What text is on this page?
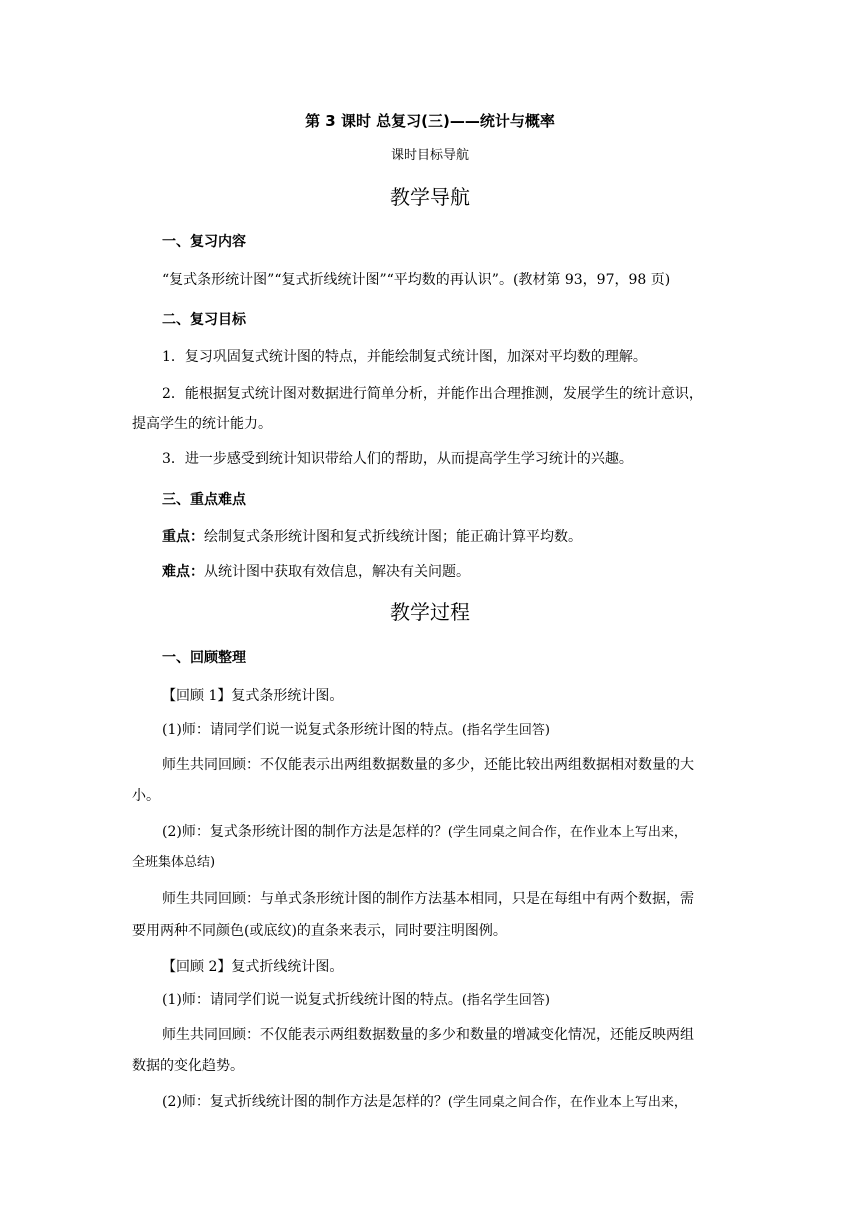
第 3 课时 总复习(三)——统计与概率
课时目标导航
教学导航
一、复习内容
“复式条形统计图”“复式折线统计图”“平均数的再认识”。(教材第 93，97，98 页)
二、复习目标
1．复习巩固复式统计图的特点，并能绘制复式统计图，加深对平均数的理解。
2．能根据复式统计图对数据进行简单分析，并能作出合理推测，发展学生的统计意识，
提高学生的统计能力。
3．进一步感受到统计知识带给人们的帮助，从而提高学生学习统计的兴趣。
三、重点难点
重点：绘制复式条形统计图和复式折线统计图；能正确计算平均数。
难点：从统计图中获取有效信息，解决有关问题。
教学过程
一、回顾整理
【回顾 1】复式条形统计图。
(1)师：请同学们说一说复式条形统计图的特点。(指名学生回答)
师生共同回顾：不仅能表示出两组数据数量的多少，还能比较出两组数据相对数量的大
小。
(2)师：复式条形统计图的制作方法是怎样的？(学生同桌之间合作，在作业本上写出来，
全班集体总结)
师生共同回顾：与单式条形统计图的制作方法基本相同，只是在每组中有两个数据，需
要用两种不同颜色(或底纹)的直条来表示，同时要注明图例。
【回顾 2】复式折线统计图。
(1)师：请同学们说一说复式折线统计图的特点。(指名学生回答)
师生共同回顾：不仅能表示两组数据数量的多少和数量的增减变化情况，还能反映两组
数据的变化趋势。
(2)师：复式折线统计图的制作方法是怎样的？(学生同桌之间合作，在作业本上写出来，
